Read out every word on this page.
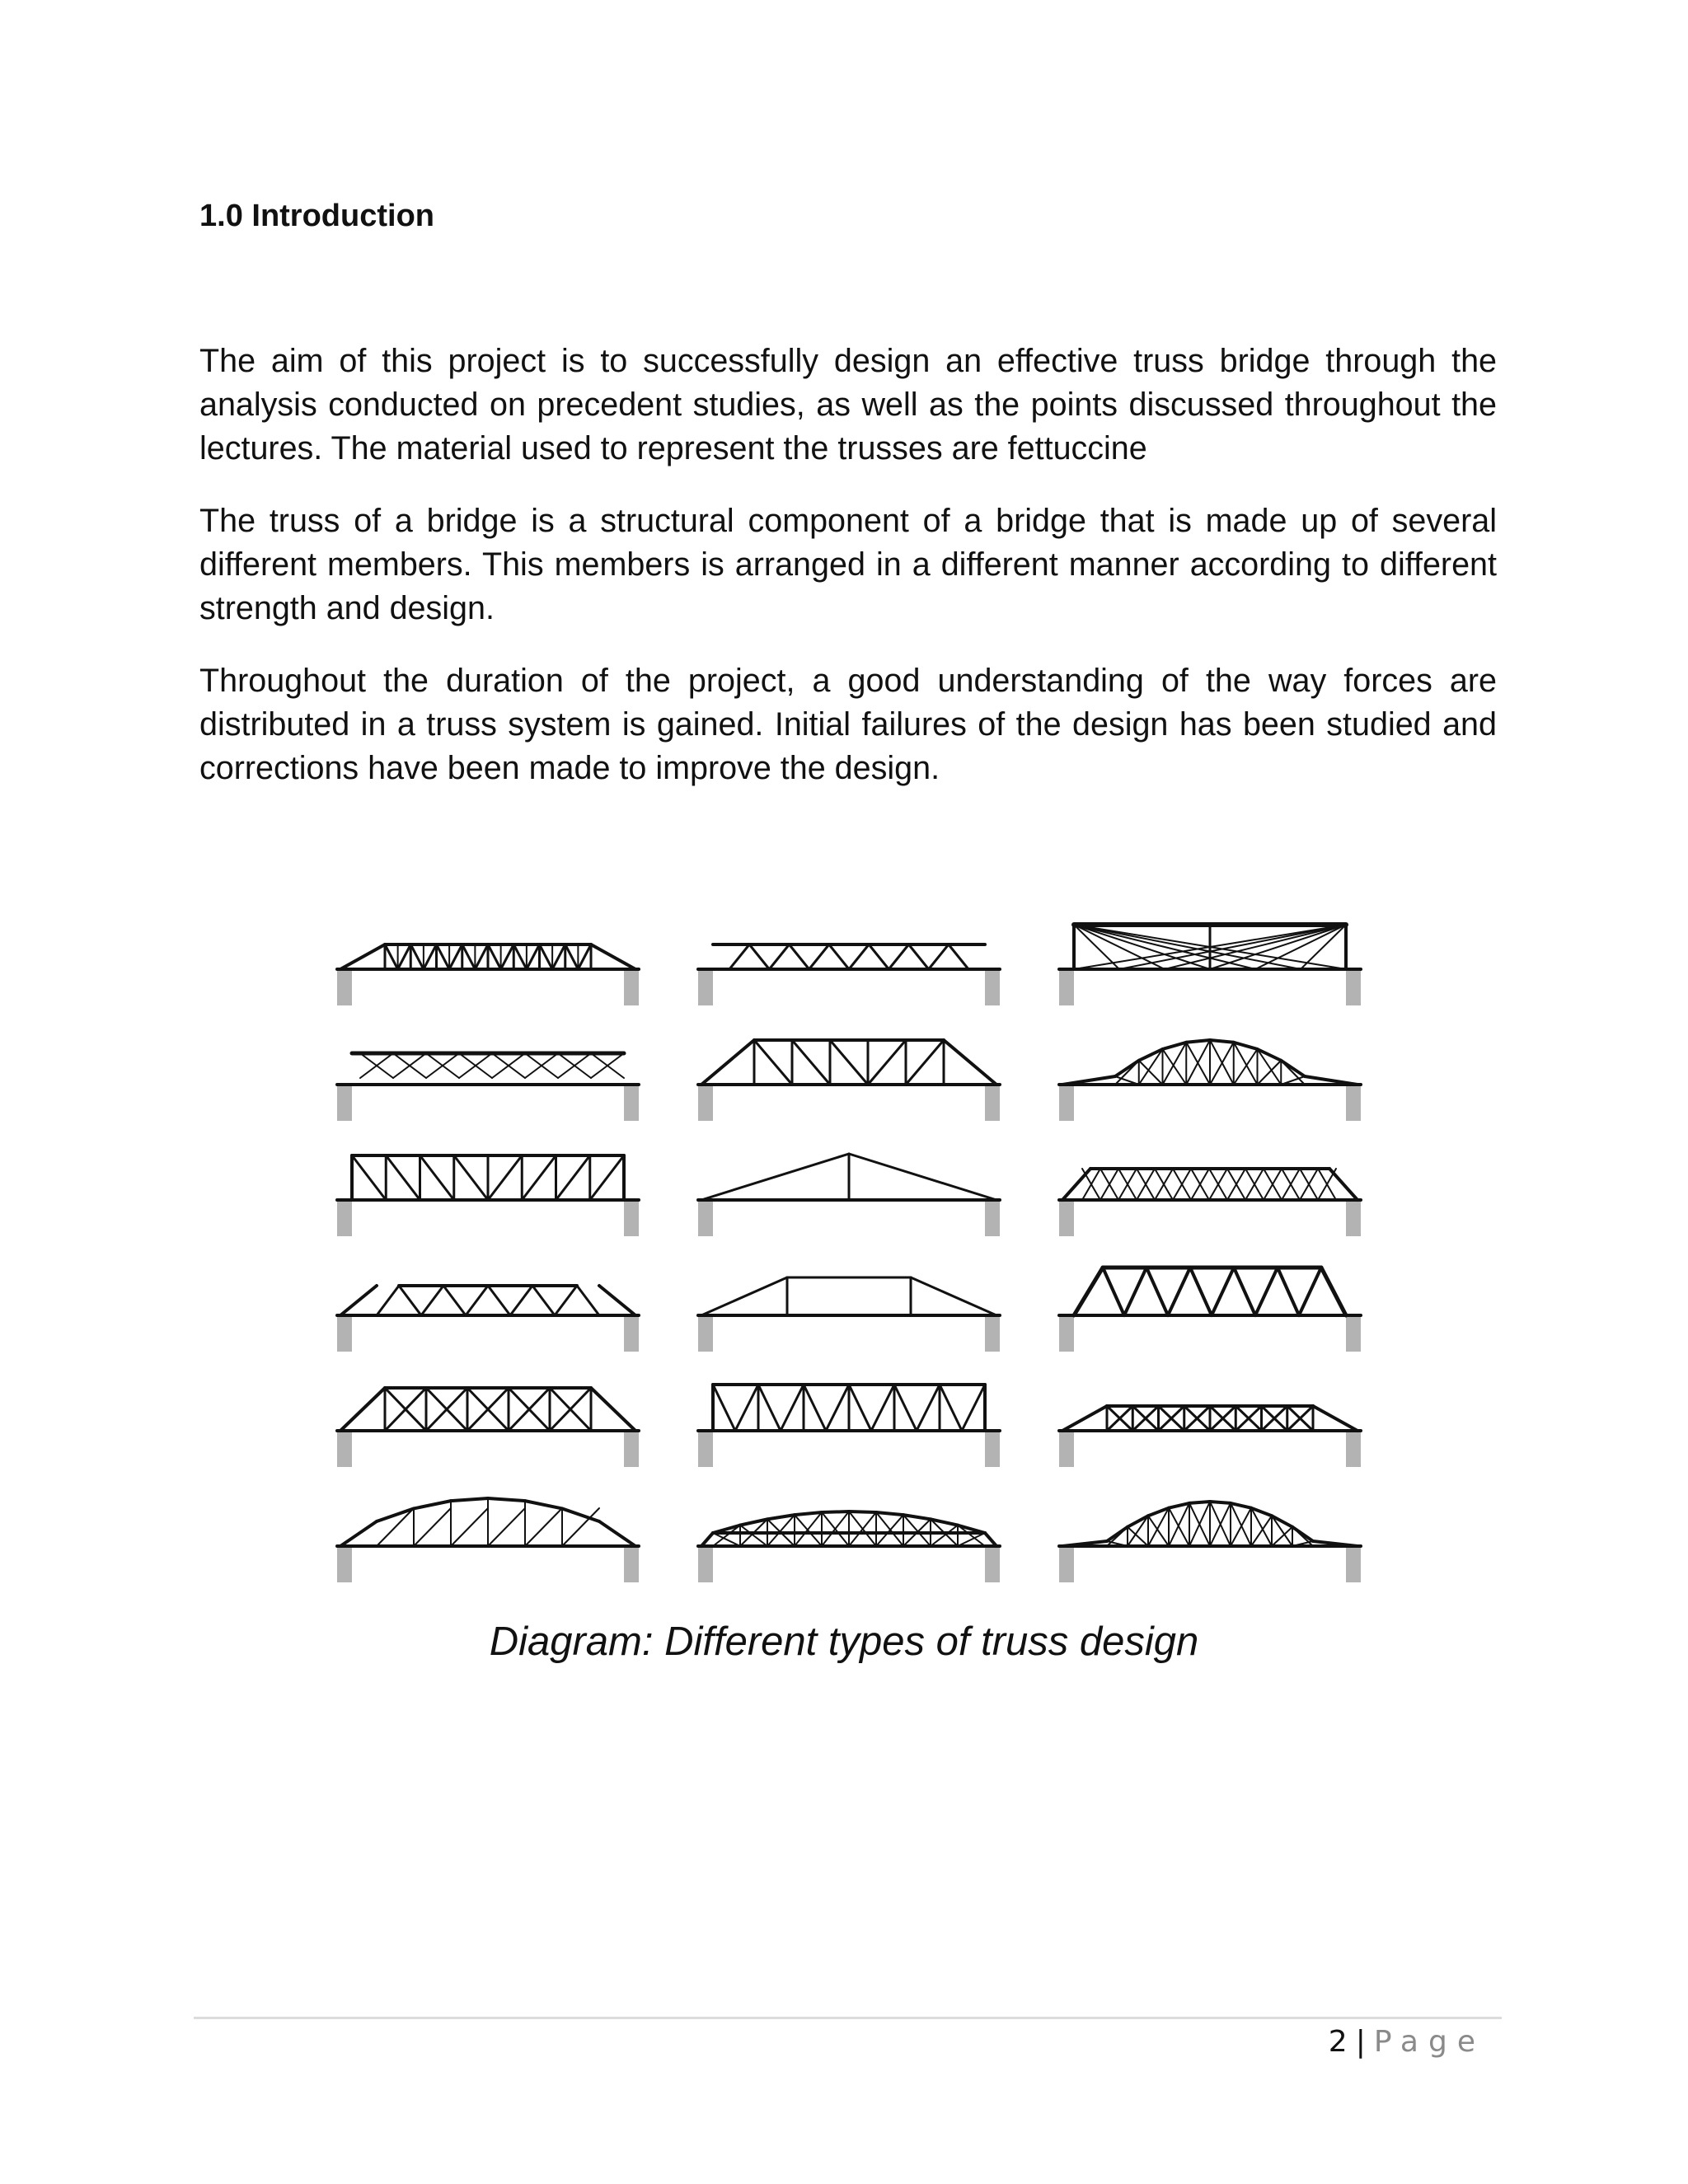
1.0 Introduction
The aim of this project is to successfully design an effective truss bridge through the analysis conducted on precedent studies, as well as the points discussed throughout the lectures. The material used to represent the trusses are fettuccine
The truss of a bridge is a structural component of a bridge that is made up of several different members. This members is arranged in a different manner according to different strength and design.
Throughout the duration of the project, a good understanding of the way forces are distributed in a truss system is gained. Initial failures of the design has been studied and corrections have been made to improve the design.
Diagram: Different types of truss design
2 | Page
